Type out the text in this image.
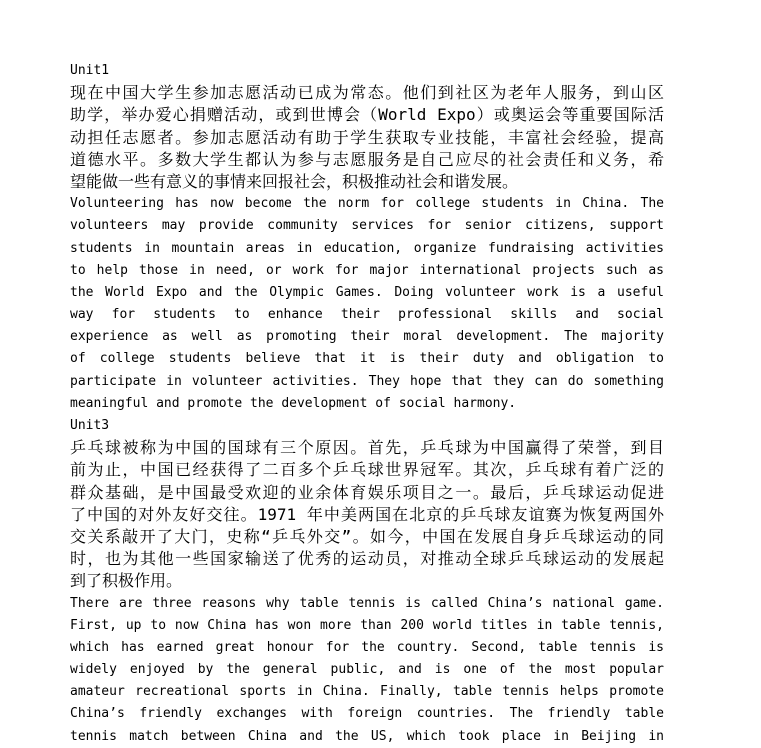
Unit1
现在中国大学生参加志愿活动已成为常态。他们到社区为老年人服务，到山区
助学，举办爱心捐赠活动，或到世博会（World Expo）或奥运会等重要国际活
动担任志愿者。参加志愿活动有助于学生获取专业技能，丰富社会经验，提高
道德水平。多数大学生都认为参与志愿服务是自己应尽的社会责任和义务，希
望能做一些有意义的事情来回报社会，积极推动社会和谐发展。
Volunteering has now become the norm for college students in China. The
volunteers may provide community services for senior citizens, support
students in mountain areas in education, organize fundraising activities
to help those in need, or work for major international projects such as
the World Expo and the Olympic Games. Doing volunteer work is a useful
way for students to enhance their professional skills and social
experience as well as promoting their moral development. The majority
of college students believe that it is their duty and obligation to
participate in volunteer activities. They hope that they can do something
meaningful and promote the development of social harmony.
Unit3
乒乓球被称为中国的国球有三个原因。首先，乒乓球为中国赢得了荣誉，到目
前为止，中国已经获得了二百多个乒乓球世界冠军。其次，乒乓球有着广泛的
群众基础，是中国最受欢迎的业余体育娱乐项目之一。最后，乒乓球运动促进
了中国的对外友好交往。1971 年中美两国在北京的乒乓球友谊赛为恢复两国外
交关系敲开了大门，史称“乒乓外交”。如今，中国在发展自身乒乓球运动的同
时，也为其他一些国家输送了优秀的运动员，对推动全球乒乓球运动的发展起
到了积极作用。
There are three reasons why table tennis is called China’s national game.
First, up to now China has won more than 200 world titles in table tennis,
which has earned great honour for the country. Second, table tennis is
widely enjoyed by the general public, and is one of the most popular
amateur recreational sports in China. Finally, table tennis helps promote
China’s friendly exchanges with foreign countries. The friendly table
tennis match between China and the US, which took place in Beijing in
